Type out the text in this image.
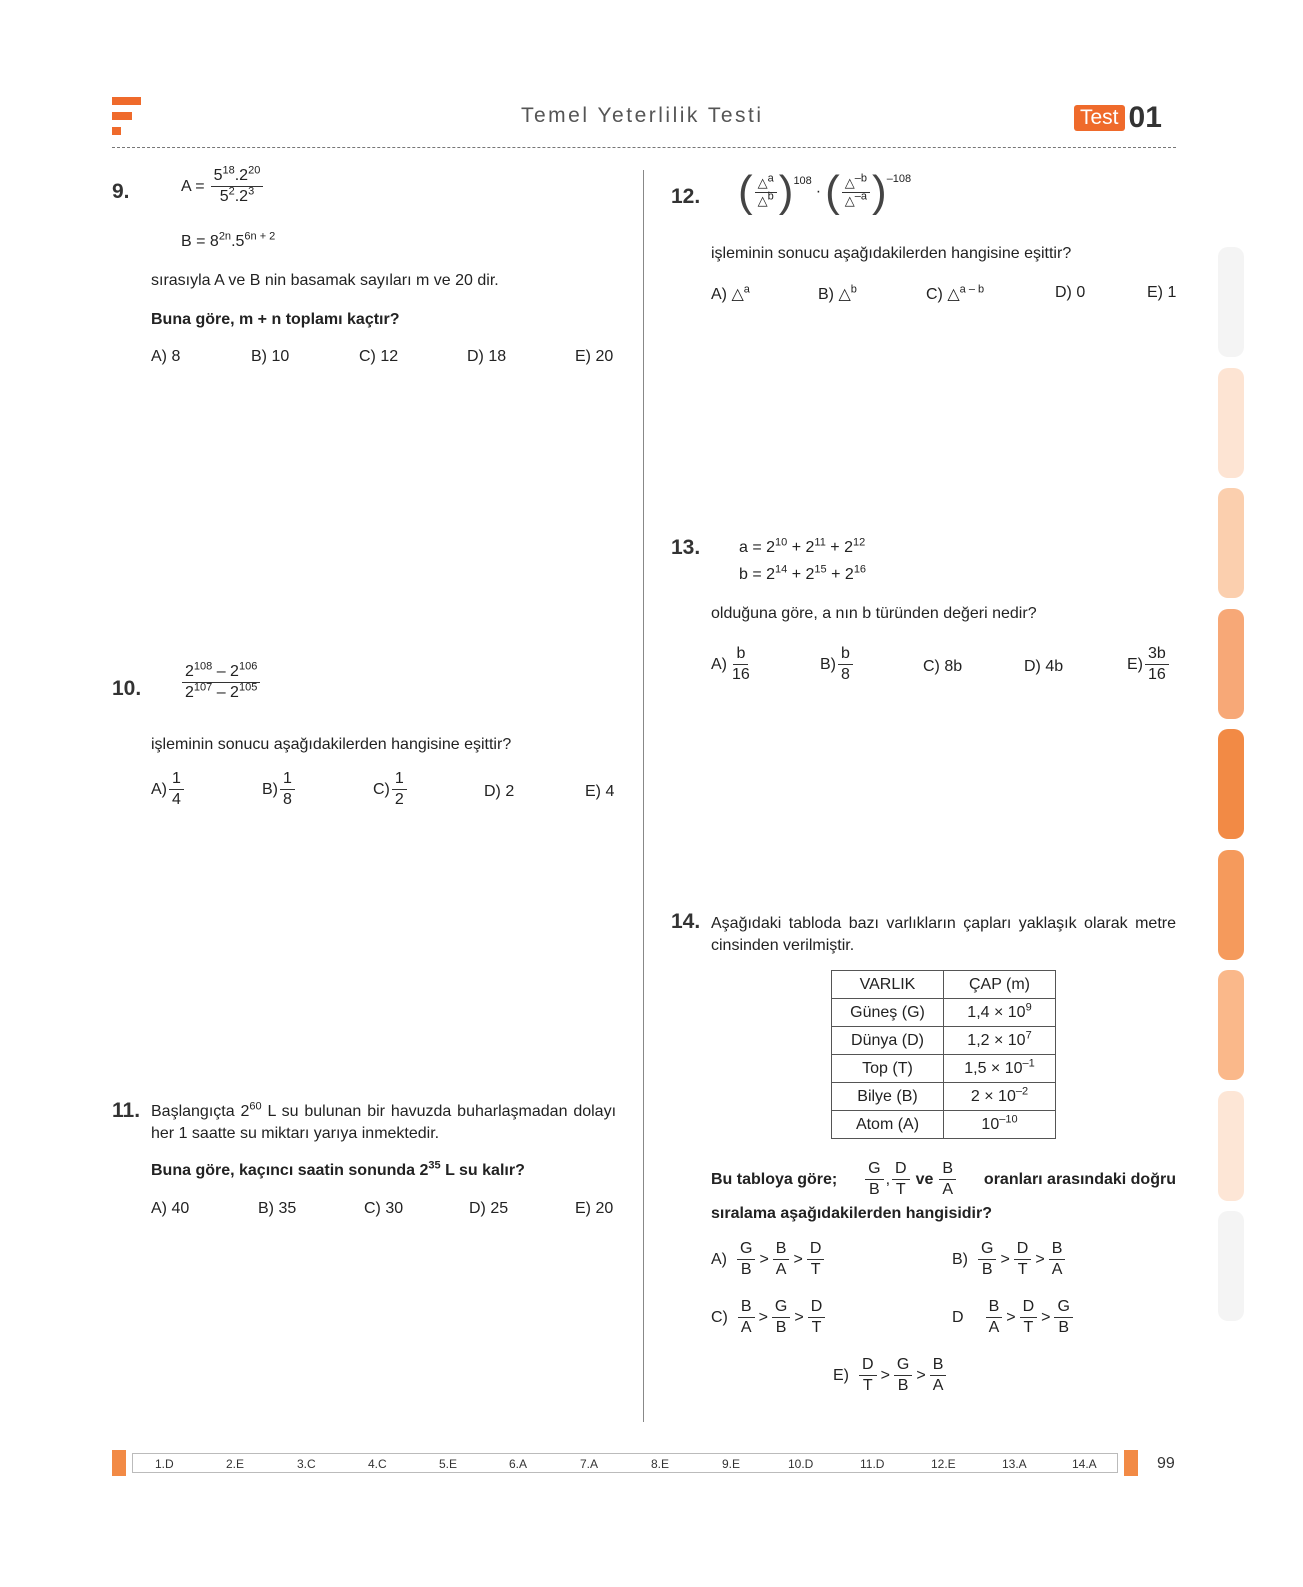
Temel Yeterlilik Testi	Test 01
9.	$A = \frac{5^{18}.2^{20}}{5^2.2^3}$
$B = 8^{2n}.5^{6n + 2}$
sırasıyla A ve B nin basamak sayıları m ve 20 dir.
Buna göre, m + n toplamı kaçtır?
A) 8	B) 10	C) 12	D) 18	E) 20
10.	$\frac{2^{108} - 2^{106}}{2^{107} - 2^{105}}$
işleminin sonucu aşağıdakilerden hangisine eşittir?
$A) \frac{1}{4}$	$B) \frac{1}{8}$	$C) \frac{1}{2}$	D) 2	E) 4
11. Başlangıçta $2^{60}$ L su bulunan bir havuzda buharlaşmadan dolayı her 1 saatte su miktarı yarıya inmektedir.
Buna göre, kaçıncı saatin sonunda $2^{35}$ L su kalır?
A) 40	B) 35	C) 30	D) 25	E) 20
12. ( $\frac{\triangle^a}{\triangle^b} )^{108}$
· ( $\frac{\triangle^{-b}}{\triangle^{-a}} )^{-108}$
işleminin sonucu aşağıdakilerden hangisine eşittir?
A) △$^a$	B) △$^b$	C) △$^{a - b}$	D) 0	E) 1
13. $a = 2^{10} + 2^{11} + 2^{12}$
$b = 2^{14} + 2^{15} + 2^{16}$
olduğuna göre, a nın b türünden değeri nedir?
$A) \frac{b}{16}$	$B) \frac{b}{8}$	C) 8b	D) 4b	$E) \frac{3b}{16}$
14. Aşağıdaki tabloda bazı varlıkların çapları yaklaşık olarak metre cinsinden verilmiştir.
VARLIK	ÇAP (m)
Güneş (G)	$1,4 \times 10^9$
Dünya (D)	$1,2 \times 10^7$
Top (T)	$1,5 \times 10^{-1}$
Bilye (B)	$2 \times 10^{-2}$
Atom (A)	$10^{-10}$
Bu tabloya göre; $\frac{G}{B}$ , $\frac{D}{T}$ ve $\frac{B}{A}$ oranları arasındaki doğru
sıralama aşağıdakilerden hangisidir?
$A) \frac{G}{B} > \frac{B}{A} > \frac{D}{T}$	$B) \frac{G}{B} > \frac{D}{T} > \frac{B}{A}$
$C) \frac{B}{A} > \frac{G}{B} > \frac{D}{T}$	D $\frac{B}{A} > \frac{D}{T} > \frac{G}{B}$
$E) \frac{D}{T} > \frac{G}{B} > \frac{B}{A}$
1.D	2.E	3.C	4.C	5.E	6.A	7.A	8.E	9.E	10.D	11.D	12.E	13.A	14.A	99
